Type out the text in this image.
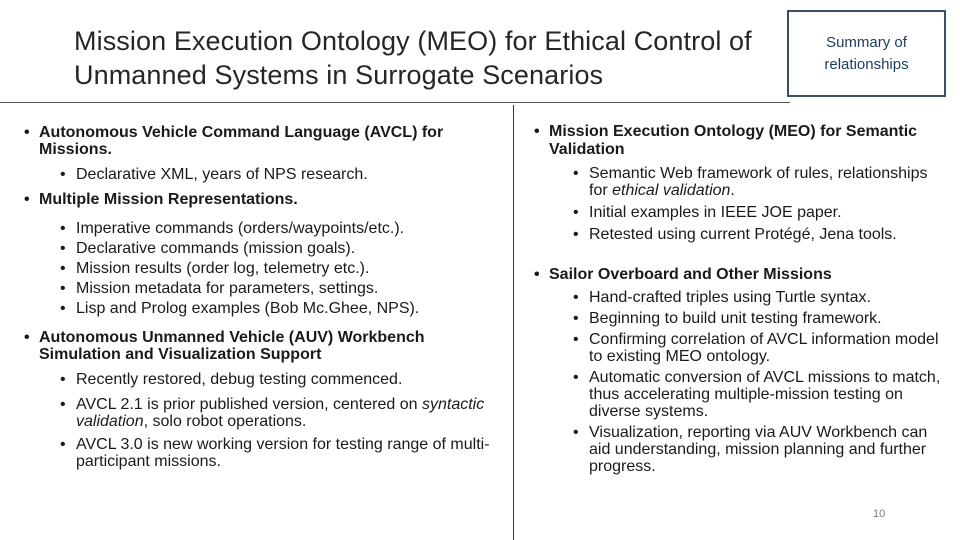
Mission Execution Ontology (MEO) for Ethical Control of Unmanned Systems in Surrogate Scenarios
Summary of relationships
• Autonomous Vehicle Command Language (AVCL) for Missions.
• Declarative XML, years of NPS research.
• Multiple Mission Representations.
• Imperative commands (orders/waypoints/etc.).
• Declarative commands (mission goals).
• Mission results (order log, telemetry etc.).
• Mission metadata for parameters, settings.
• Lisp and Prolog examples (Bob Mc.Ghee, NPS).
• Autonomous Unmanned Vehicle (AUV) Workbench Simulation and Visualization Support
• Recently restored, debug testing commenced.
• AVCL 2.1 is prior published version, centered on syntactic validation, solo robot operations.
• AVCL 3.0 is new working version for testing range of multi-participant missions.
• Mission Execution Ontology (MEO) for Semantic Validation
• Semantic Web framework of rules, relationships for ethical validation.
• Initial examples in IEEE JOE paper.
• Retested using current Protégé, Jena tools.
• Sailor Overboard and Other Missions
• Hand-crafted triples using Turtle syntax.
• Beginning to build unit testing framework.
• Confirming correlation of AVCL information model to existing MEO ontology.
• Automatic conversion of AVCL missions to match, thus accelerating multiple-mission testing on diverse systems.
• Visualization, reporting via AUV Workbench can aid understanding, mission planning and further progress.
10
